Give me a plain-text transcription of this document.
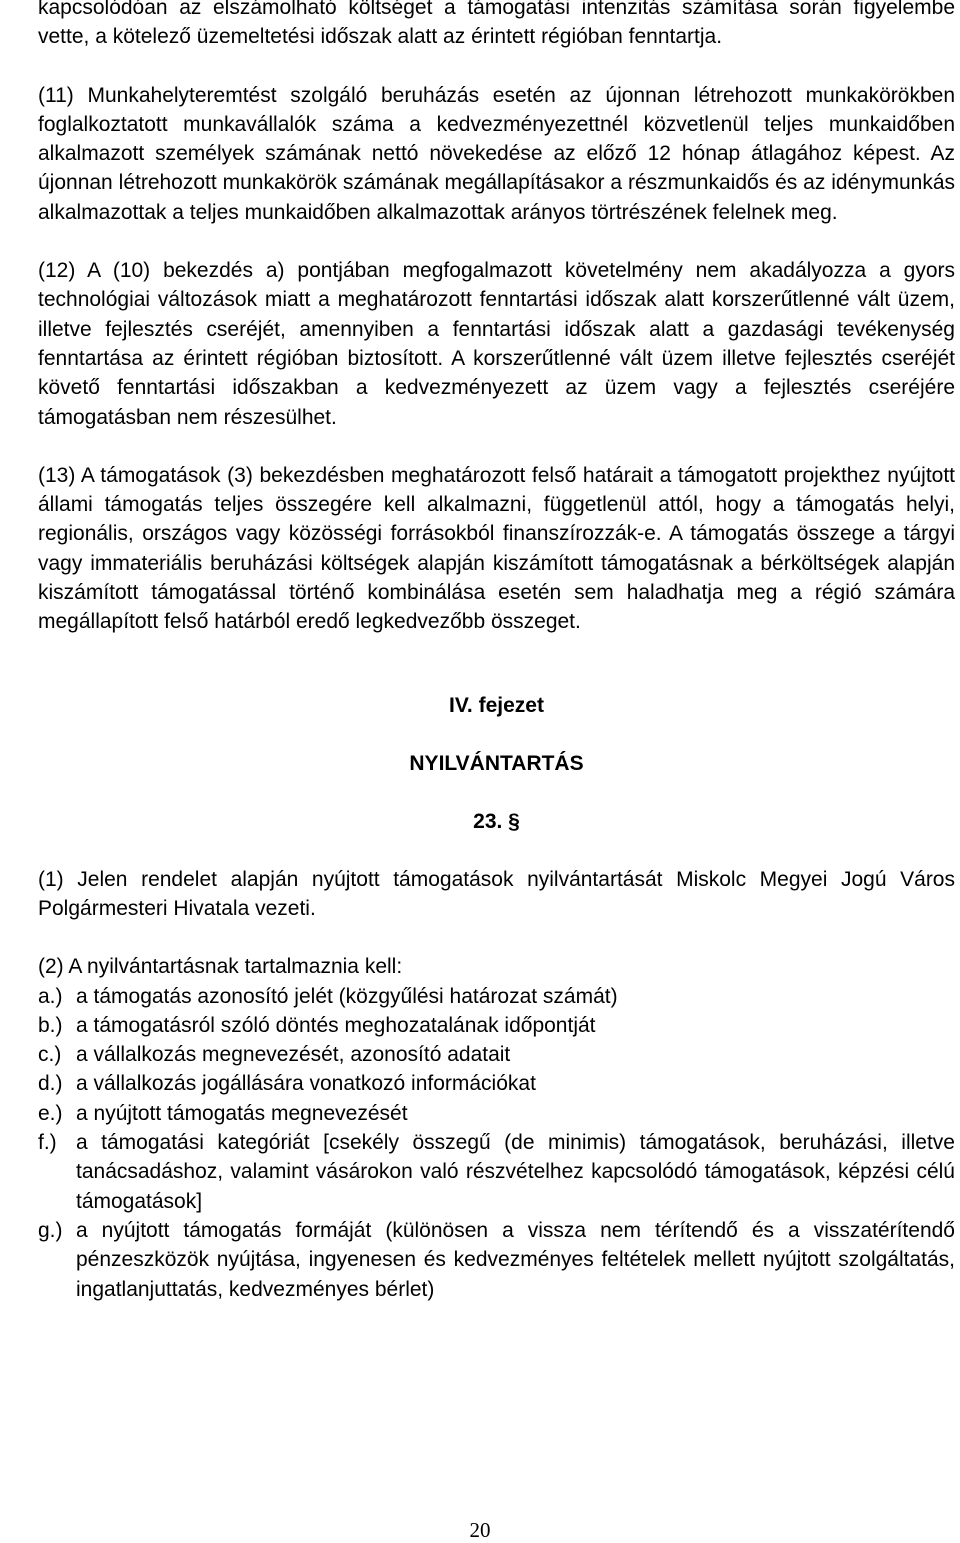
kapcsolódóan az elszámolható költséget a támogatási intenzitás számítása során figyelembe vette, a kötelező üzemeltetési időszak alatt az érintett régióban fenntartja.

(11) Munkahelyteremtést szolgáló beruházás esetén az újonnan létrehozott munkakörökben foglalkoztatott munkavállalók száma a kedvezményezettnél közvetlenül teljes munkaidőben alkalmazott személyek számának nettó növekedése az előző 12 hónap átlagához képest. Az újonnan létrehozott munkakörök számának megállapításakor a részmunkaidős és az idénymunkás alkalmazottak a teljes munkaidőben alkalmazottak arányos törtrészének felelnek meg.

(12) A (10) bekezdés a) pontjában megfogalmazott követelmény nem akadályozza a gyors technológiai változások miatt a meghatározott fenntartási időszak alatt korszerűtlenné vált üzem, illetve fejlesztés cseréjét, amennyiben a fenntartási időszak alatt a gazdasági tevékenység fenntartása az érintett régióban biztosított. A korszerűtlenné vált üzem illetve fejlesztés cseréjét követő fenntartási időszakban a kedvezményezett az üzem vagy a fejlesztés cseréjére támogatásban nem részesülhet.

(13) A támogatások (3) bekezdésben meghatározott felső határait a támogatott projekthez nyújtott állami támogatás teljes összegére kell alkalmazni, függetlenül attól, hogy a támogatás helyi, regionális, országos vagy közösségi forrásokból finanszírozzák-e. A támogatás összege a tárgyi vagy immateriális beruházási költségek alapján kiszámított támogatásnak a bérköltségek alapján kiszámított támogatással történő kombinálása esetén sem haladhatja meg a régió számára megállapított felső határból eredő legkedvezőbb összeget.

IV. fejezet
NYILVÁNTARTÁS
23. §

(1) Jelen rendelet alapján nyújtott támogatások nyilvántartását Miskolc Megyei Jogú Város Polgármesteri Hivatala vezeti.

(2) A nyilvántartásnak tartalmaznia kell:

a.) a támogatás azonosító jelét (közgyűlési határozat számát)
b.) a támogatásról szóló döntés meghozatalának időpontját
c.) a vállalkozás megnevezését, azonosító adatait
d.) a vállalkozás jogállására vonatkozó információkat
e.) a nyújtott támogatás megnevezését
f.) a támogatási kategóriát [csekély összegű (de minimis) támogatások, beruházási, illetve tanácsadáshoz, valamint vásárokon való részvételhez kapcsolódó támogatások, képzési célú támogatások]
g.) a nyújtott támogatás formáját (különösen a vissza nem térítendő és a visszatérítendő pénzeszközök nyújtása, ingyenesen és kedvezményes feltételek mellett nyújtott szolgáltatás, ingatlanjuttatás, kedvezményes bérlet)
20
